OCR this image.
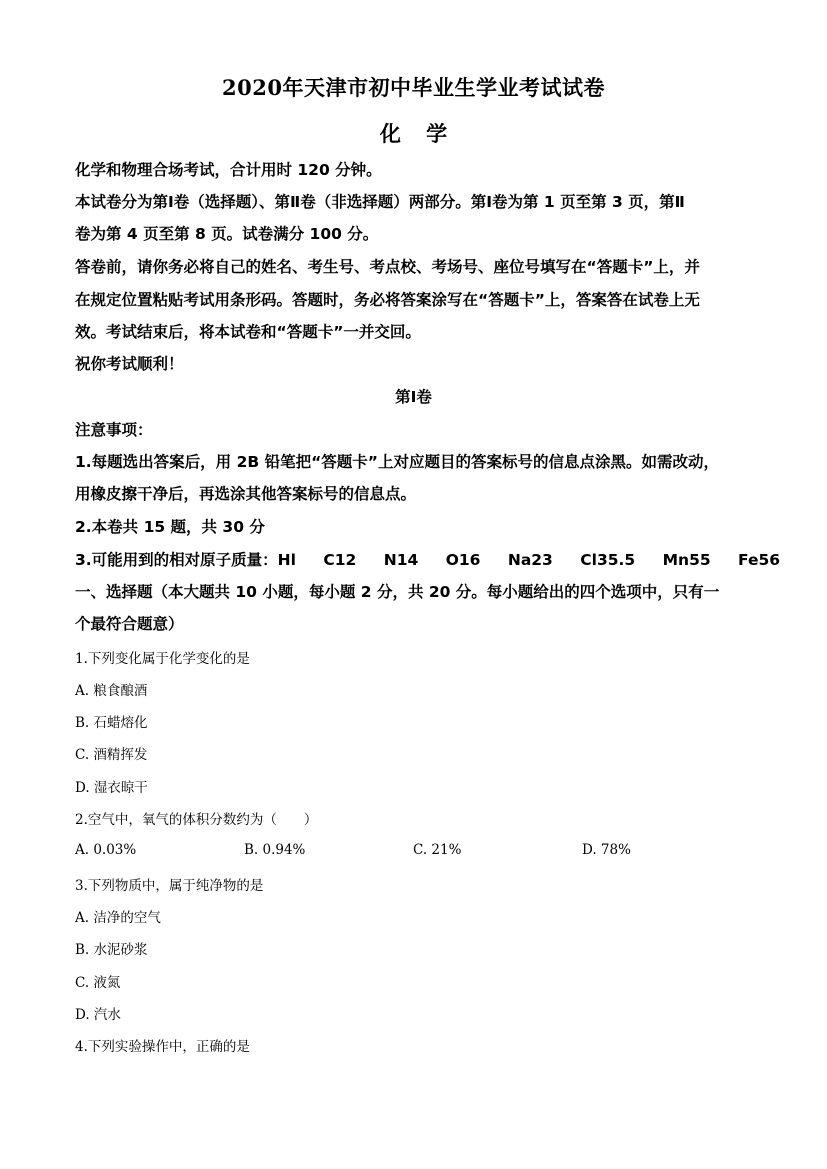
2020年天津市初中毕业生学业考试试卷
化 学
化学和物理合场考试，合计用时 120 分钟。
本试卷分为第Ⅰ卷（选择题）、第Ⅱ卷（非选择题）两部分。第Ⅰ卷为第 1 页至第 3 页，第Ⅱ
卷为第 4 页至第 8 页。试卷满分 100 分。
答卷前，请你务必将自己的姓名、考生号、考点校、考场号、座位号填写在“答题卡”上，并
在规定位置粘贴考试用条形码。答题时，务必将答案涂写在“答题卡”上，答案答在试卷上无
效。考试结束后，将本试卷和“答题卡”一并交回。
祝你考试顺利！
第Ⅰ卷
注意事项：
1.每题选出答案后，用 2B 铅笔把“答题卡”上对应题目的答案标号的信息点涂黑。如需改动，
用橡皮擦干净后，再选涂其他答案标号的信息点。
2.本卷共 15 题，共 30 分
3.可能用到的相对原子质量：Hl C12 N14 O16 Na23 Cl35.5 Mn55 Fe56
一、选择题（本大题共 10 小题，每小题 2 分，共 20 分。每小题给出的四个选项中，只有一
个最符合题意）
1.下列变化属于化学变化的是
A. 粮食酿酒
B. 石蜡熔化
C. 酒精挥发
D. 湿衣晾干
2.空气中，氧气的体积分数约为（　　）
A. 0.03%	B. 0.94%	C. 21%	D. 78%
3.下列物质中，属于纯净物的是
A. 洁净的空气
B. 水泥砂浆
C. 液氮
D. 汽水
4.下列实验操作中，正确的是
